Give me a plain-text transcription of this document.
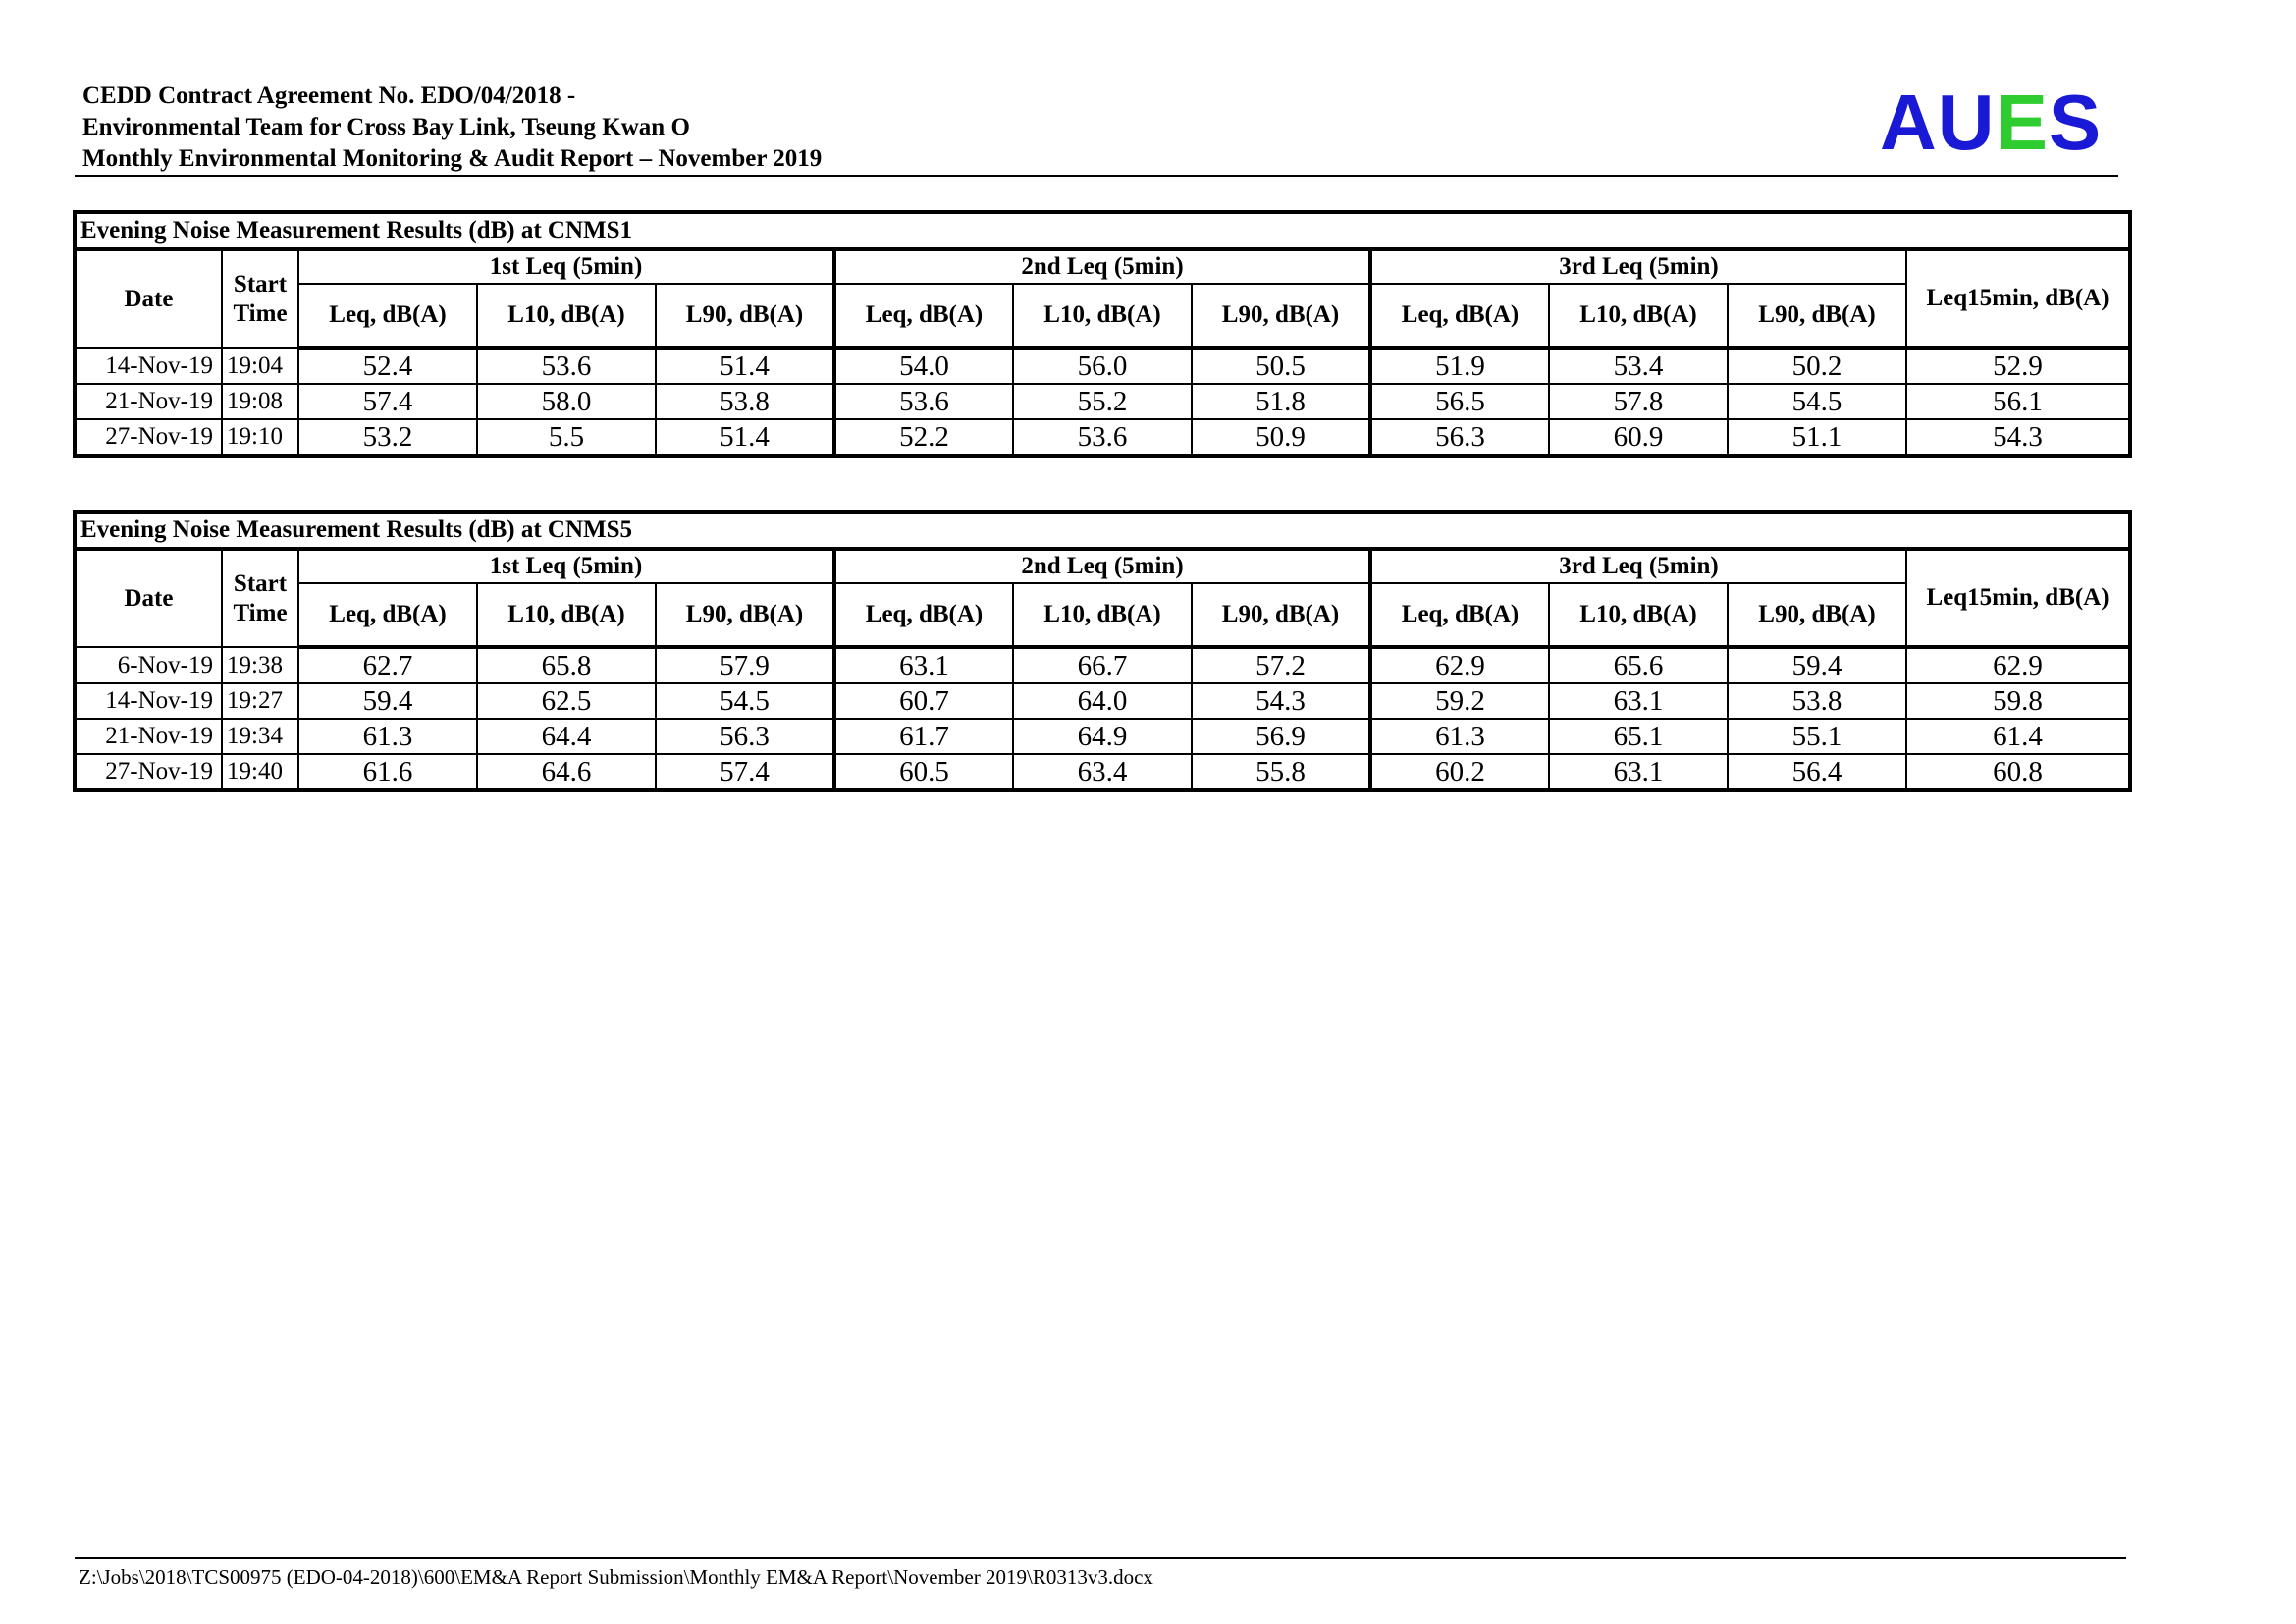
CEDD Contract Agreement No. EDO/04/2018 -
Environmental Team for Cross Bay Link, Tseung Kwan O
Monthly Environmental Monitoring & Audit Report – November 2019	AUES
Evening Noise Measurement Results (dB) at CNMS1											
Date	Start Time	1st Leq (5min)			2nd Leq (5min)			3rd Leq (5min)			Leq15min, dB(A)
		Leq, dB(A)	L10, dB(A)	L90, dB(A)	Leq, dB(A)	L10, dB(A)	L90, dB(A)	Leq, dB(A)	L10, dB(A)	L90, dB(A)	
14-Nov-19	19:04	52.4	53.6	51.4	54.0	56.0	50.5	51.9	53.4	50.2	52.9
21-Nov-19	19:08	57.4	58.0	53.8	53.6	55.2	51.8	56.5	57.8	54.5	56.1
27-Nov-19	19:10	53.2	5.5	51.4	52.2	53.6	50.9	56.3	60.9	51.1	54.3
Evening Noise Measurement Results (dB) at CNMS5											
Date	Start Time	1st Leq (5min)			2nd Leq (5min)			3rd Leq (5min)			Leq15min, dB(A)
		Leq, dB(A)	L10, dB(A)	L90, dB(A)	Leq, dB(A)	L10, dB(A)	L90, dB(A)	Leq, dB(A)	L10, dB(A)	L90, dB(A)	
6-Nov-19	19:38	62.7	65.8	57.9	63.1	66.7	57.2	62.9	65.6	59.4	62.9
14-Nov-19	19:27	59.4	62.5	54.5	60.7	64.0	54.3	59.2	63.1	53.8	59.8
21-Nov-19	19:34	61.3	64.4	56.3	61.7	64.9	56.9	61.3	65.1	55.1	61.4
27-Nov-19	19:40	61.6	64.6	57.4	60.5	63.4	55.8	60.2	63.1	56.4	60.8
Z:\Jobs\2018\TCS00975 (EDO-04-2018)\600\EM&A Report Submission\Monthly EM&A Report\November 2019\R0313v3.docx
